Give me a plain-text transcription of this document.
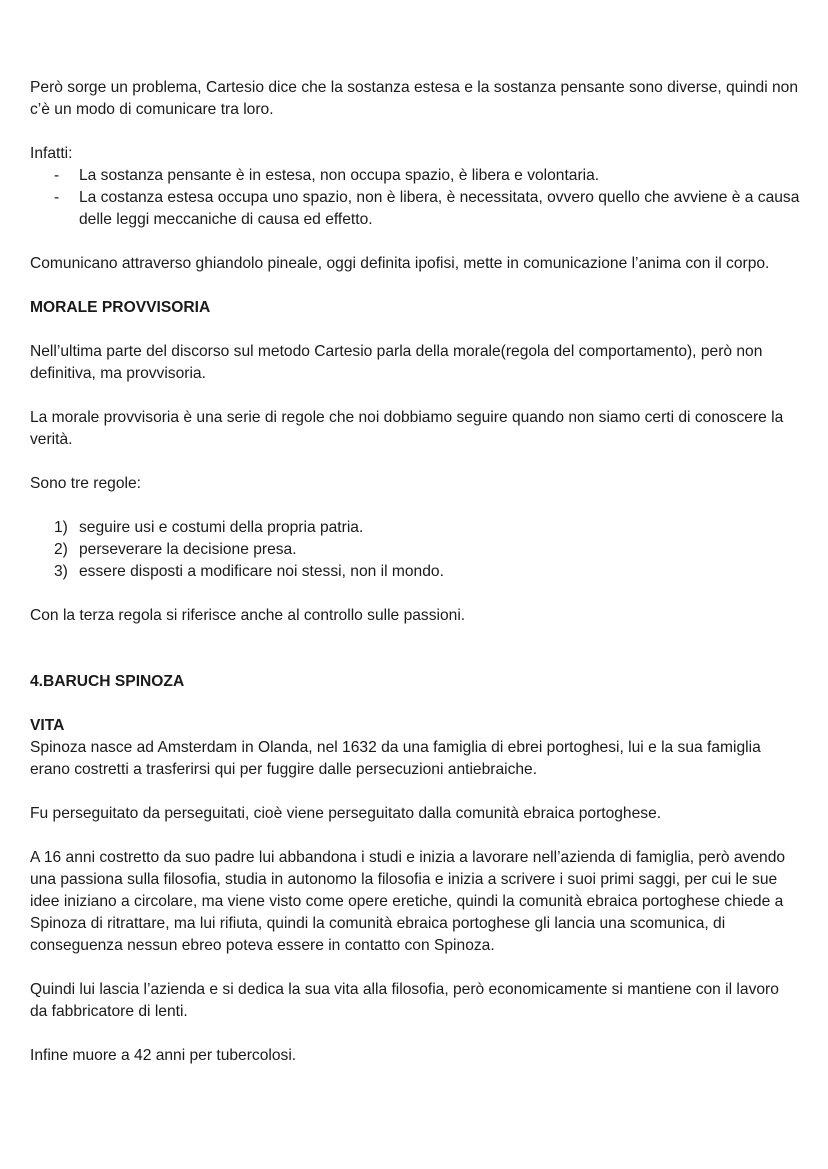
Però sorge un problema, Cartesio dice che la sostanza estesa e la sostanza pensante sono diverse, quindi non c’è un modo di comunicare tra loro.

Infatti:

- La sostanza pensante è in estesa, non occupa spazio, è libera e volontaria.
- La costanza estesa occupa uno spazio, non è libera, è necessitata, ovvero quello che avviene è a causa delle leggi meccaniche di causa ed effetto.

Comunicano attraverso ghiandolo pineale, oggi definita ipofisi, mette in comunicazione l’anima con il corpo.

MORALE PROVVISORIA

Nell’ultima parte del discorso sul metodo Cartesio parla della morale(regola del comportamento), però non definitiva, ma provvisoria.

La morale provvisoria è una serie di regole che noi dobbiamo seguire quando non siamo certi di conoscere la verità.

Sono tre regole:

1) seguire usi e costumi della propria patria.
2) perseverare la decisione presa.
3) essere disposti a modificare noi stessi, non il mondo.

Con la terza regola si riferisce anche al controllo sulle passioni.

4.BARUCH SPINOZA

VITA

Spinoza nasce ad Amsterdam in Olanda, nel 1632 da una famiglia di ebrei portoghesi, lui e la sua famiglia erano costretti a trasferirsi qui per fuggire dalle persecuzioni antiebraiche.

Fu perseguitato da perseguitati, cioè viene perseguitato dalla comunità ebraica portoghese.

A 16 anni costretto da suo padre lui abbandona i studi e inizia a lavorare nell’azienda di famiglia, però avendo una passiona sulla filosofia, studia in autonomo la filosofia e inizia a scrivere i suoi primi saggi, per cui le sue idee iniziano a circolare, ma viene visto come opere eretiche, quindi la comunità ebraica portoghese chiede a Spinoza di ritrattare, ma lui rifiuta, quindi la comunità ebraica portoghese gli lancia una scomunica, di conseguenza nessun ebreo poteva essere in contatto con Spinoza.

Quindi lui lascia l’azienda e si dedica la sua vita alla filosofia, però economicamente si mantiene con il lavoro da fabbricatore di lenti.

Infine muore a 42 anni per tubercolosi.
